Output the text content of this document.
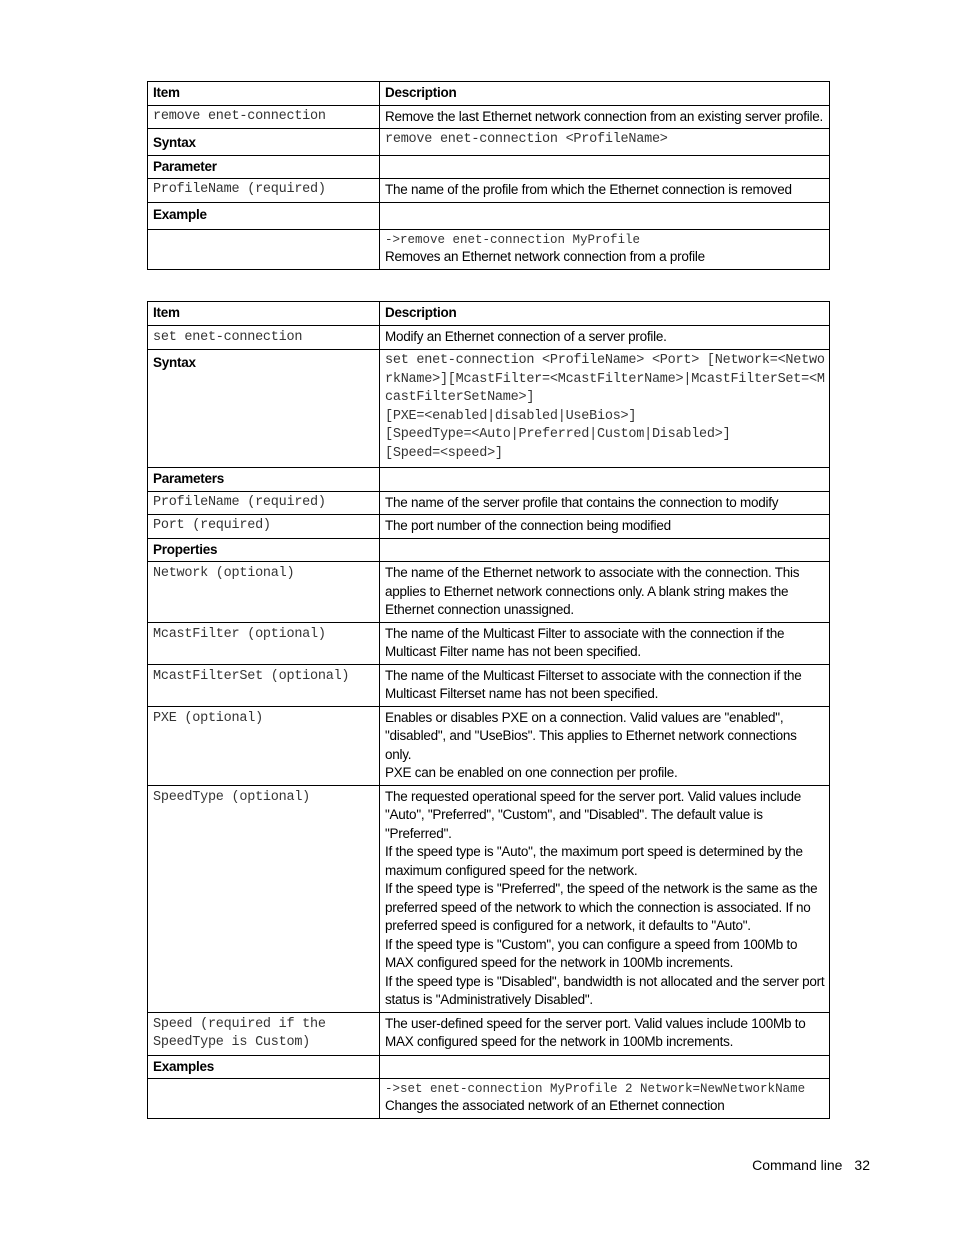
Item	Description
remove enet-connection	Remove the last Ethernet network connection from an existing server profile.
Syntax	remove enet-connection <ProfileName>
Parameter	
ProfileName (required)	The name of the profile from which the Ethernet connection is removed
Example	

	->remove enet-connection MyProfile
Removes an Ethernet network connection from a profile
Item	Description
set enet-connection	Modify an Ethernet connection of a server profile.
Syntax	set enet-connection <ProfileName> <Port> [Network=<NetworkName>][McastFilter=<McastFilterName>|McastFilterSet=<McastFilterSetName>]
[PXE=<enabled|disabled|UseBios>]
[SpeedType=<Auto|Preferred|Custom|Disabled>]
[Speed=<speed>]
Parameters	
ProfileName (required)	The name of the server profile that contains the connection to modify
Port (required)	The port number of the connection being modified
Properties	
Network (optional)	The name of the Ethernet network to associate with the connection. This applies to Ethernet network connections only. A blank string makes the Ethernet connection unassigned.
McastFilter (optional)	The name of the Multicast Filter to associate with the connection if the Multicast Filter name has not been specified.
McastFilterSet (optional)	The name of the Multicast Filterset to associate with the connection if the Multicast Filterset name has not been specified.
PXE (optional)	Enables or disables PXE on a connection. Valid values are "enabled", "disabled", and "UseBios". This applies to Ethernet network connections only.

PXE can be enabled on one connection per profile.

SpeedType (optional)	The requested operational speed for the server port. Valid values include "Auto", "Preferred", "Custom", and "Disabled". The default value is "Preferred".

If the speed type is "Auto", the maximum port speed is determined by the maximum configured speed for the network.

If the speed type is "Preferred", the speed of the network is the same as the preferred speed of the network to which the connection is associated. If no preferred speed is configured for a network, it defaults to "Auto".

If the speed type is "Custom", you can configure a speed from 100Mb to MAX configured speed for the network in 100Mb increments.

If the speed type is "Disabled", bandwidth is not allocated and the server port status is "Administratively Disabled".

Speed (required if the SpeedType is Custom)	The user-defined speed for the server port. Valid values include 100Mb to MAX configured speed for the network in 100Mb increments.
Examples	

	->set enet-connection MyProfile 2 Network=NewNetworkName
Changes the associated network of an Ethernet connection
Command line 32
